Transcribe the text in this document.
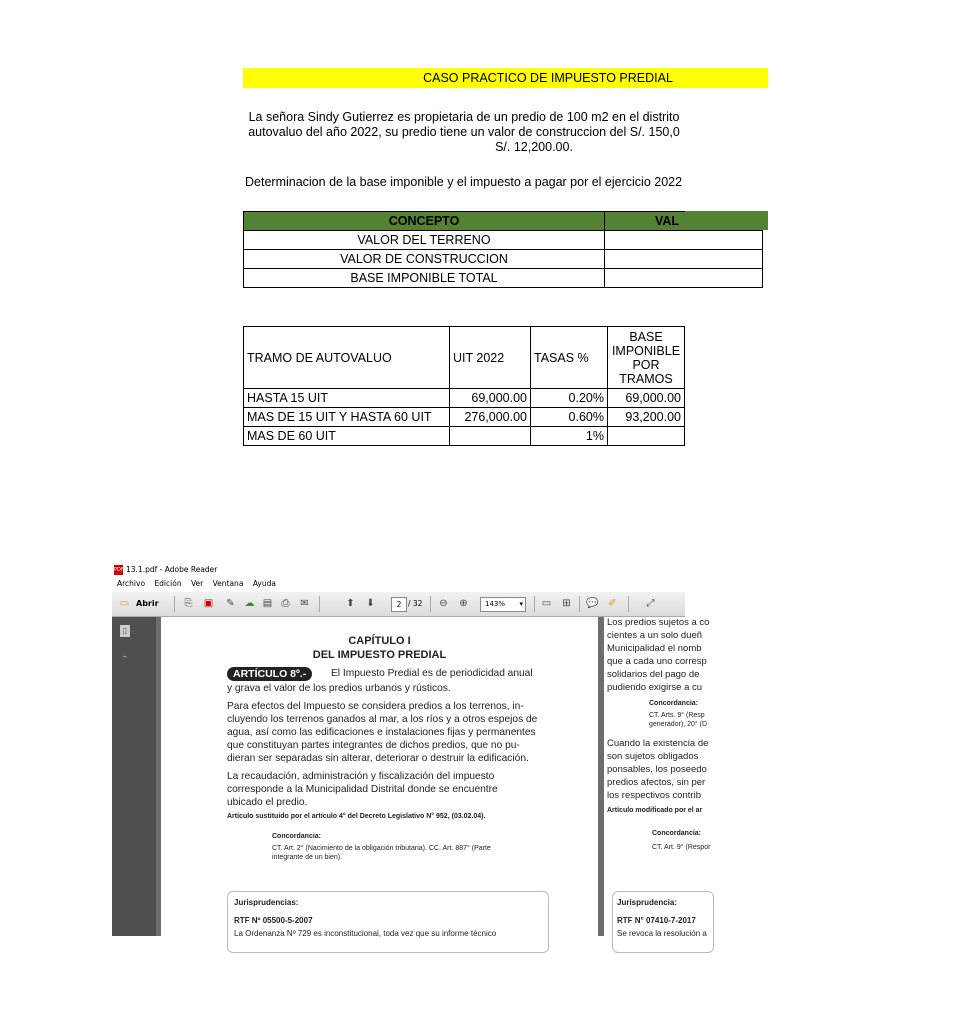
CASO PRACTICO DE IMPUESTO PREDIAL
La señora Sindy Gutierrez es propietaria de un predio de 100 m2 en el distrito
autovaluo del año 2022, su predio tiene un valor de construccion del S/. 150,0
S/. 12,200.00.
Determinacion de la base imponible y el impuesto a pagar por el ejercicio 2022
CONCEPTO	VAL
VALOR DEL TERRENO	
VALOR DE CONSTRUCCION	
BASE IMPONIBLE TOTAL	
TRAMO DE AUTOVALUO	UIT 2022	TASAS %	BASE IMPONIBLE POR TRAMOS
HASTA 15 UIT	69,000.00	0.20%	69,000.00
MAS DE 15 UIT Y HASTA 60 UIT	276,000.00	0.60%	93,200.00
MAS DE 60 UIT		1%	
PDF 13.1.pdf - Adobe Reader
Archivo Edición Ver Ventana Ayuda
▭ Abrir	⎘ ▣ ✎ ☁ ▤ ⎙ ✉	⬆ ⬇	2 / 32 ⊖ ⊕	143% ▾ ▭ ⊞ 💬 ✐	⤢
▯
⌁
CAPÍTULO I
DEL IMPUESTO PREDIAL
ARTÍCULO 8º.-	El Impuesto Predial es de periodicidad anual
y grava el valor de los predios urbanos y rústicos.
Para efectos del Impuesto se considera predios a los terrenos, in-
cluyendo los terrenos ganados al mar, a los ríos y a otros espejos de
agua, así como las edificaciones e instalaciones fijas y permanentes
que constituyan partes integrantes de dichos predios, que no pu-
dieran ser separadas sin alterar, deteriorar o destruir la edificación.
La recaudación, administración y fiscalización del impuesto
corresponde a la Municipalidad Distrital donde se encuentre
ubicado el predio.
Artículo sustituido por el artículo 4° del Decreto Legislativo N° 952, (03.02.04).
Concordancia:
CT. Art. 2° (Nacimiento de la obligación tributaria). CC. Art. 887° (Parte
integrante de un bien).
Jurisprudencias:
RTF Nº 05500-5-2007
La Ordenanza Nº 729 es inconstitucional, toda vez que su informe técnico
Los predios sujetos a co
cientes a un solo dueñ
Municipalidad el nomb
que a cada uno corresp
solidarios del pago de
pudiendo exigirse a cu
Concordancia:
CT. Arts. 9° (Resp
generador), 20° (D
Cuando la existencia de
son sujetos obligados
ponsables, los poseedo
predios afectos, sin per
los respectivos contrib
Artículo modificado por el ar
Concordancia:
CT. Art. 9° (Respor
Jurisprudencia:
RTF N° 07410-7-2017
Se revoca la resolución a
